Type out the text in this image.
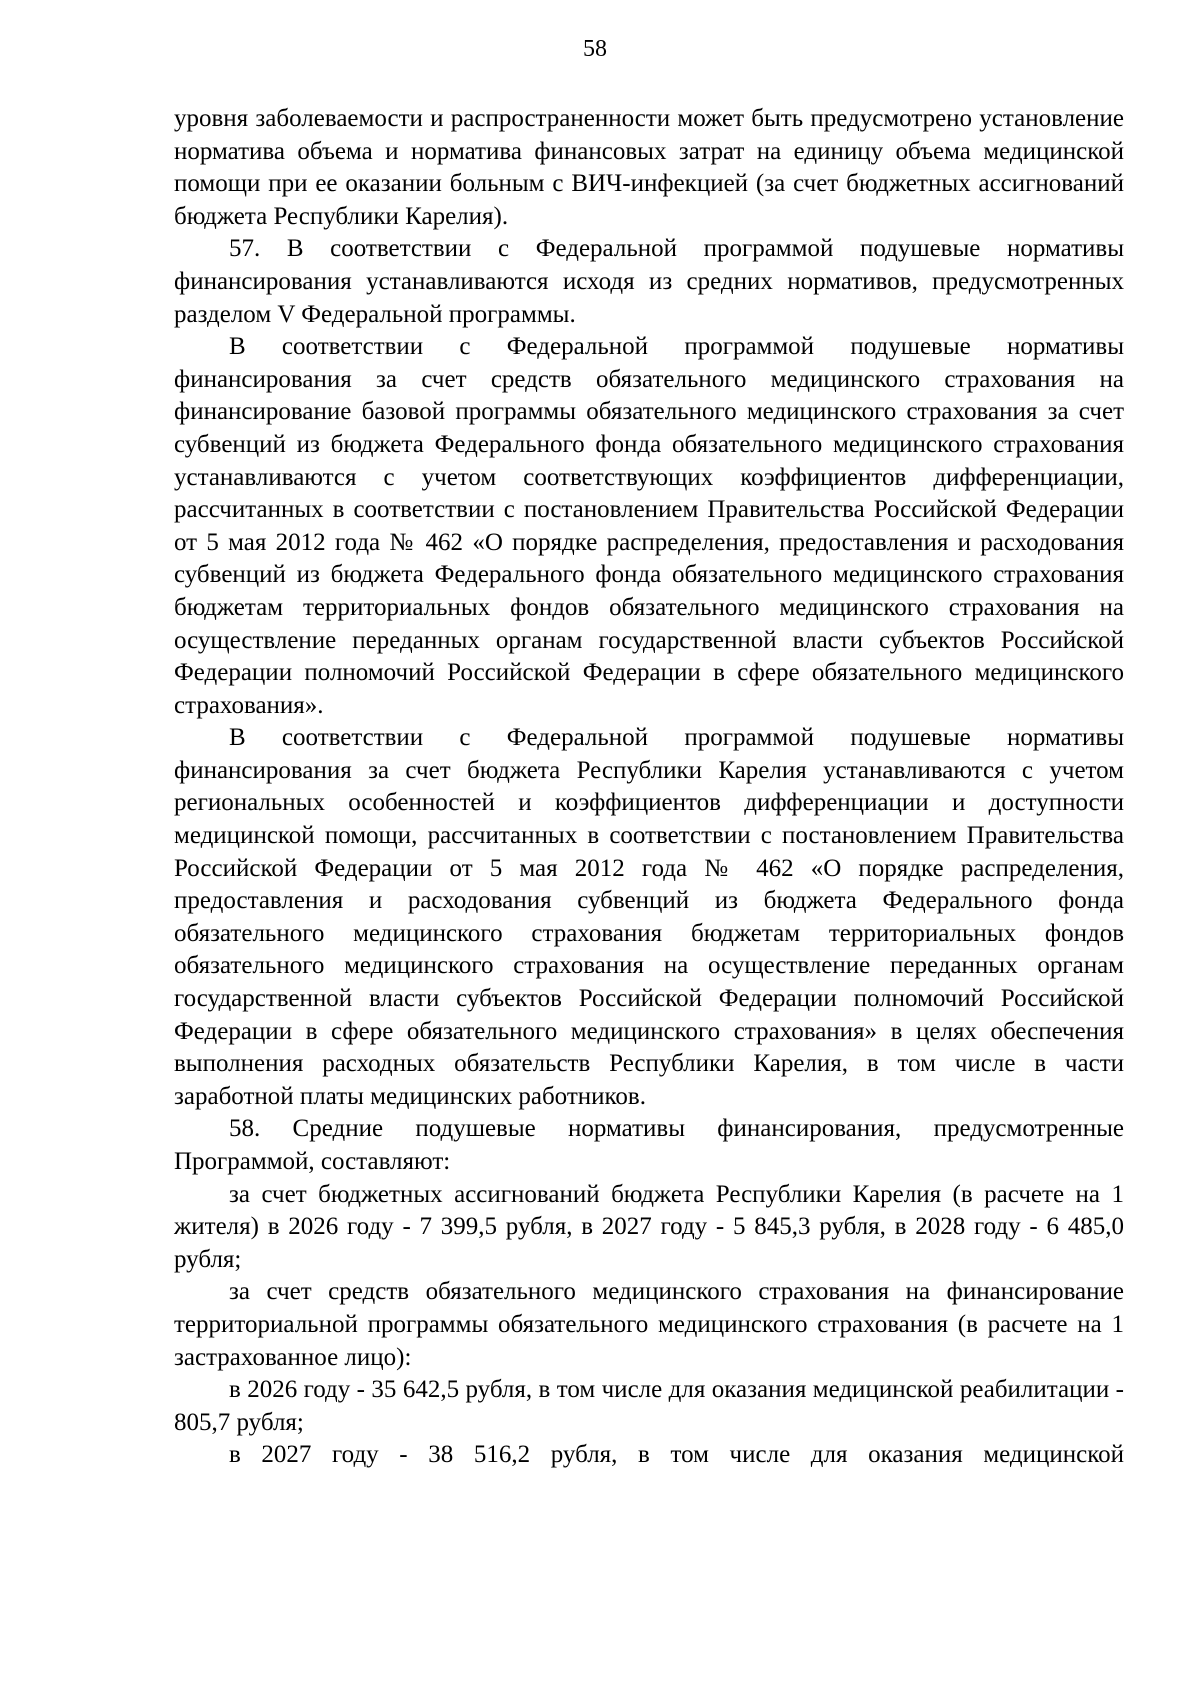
58

уровня заболеваемости и распространенности может быть предусмотрено установление норматива объема и норматива финансовых затрат на единицу объема медицинской помощи при ее оказании больным с ВИЧ-инфекцией (за счет бюджетных ассигнований бюджета Республики Карелия).

57. В соответствии с Федеральной программой подушевые нормативы финансирования устанавливаются исходя из средних нормативов, предусмотренных разделом V Федеральной программы.

В соответствии с Федеральной программой подушевые нормативы финансирования за счет средств обязательного медицинского страхования на финансирование базовой программы обязательного медицинского страхования за счет субвенций из бюджета Федерального фонда обязательного медицинского страхования устанавливаются с учетом соответствующих коэффициентов дифференциации, рассчитанных в соответствии с постановлением Правительства Российской Федерации от 5 мая 2012 года № 462 «О порядке распределения, предоставления и расходования субвенций из бюджета Федерального фонда обязательного медицинского страхования бюджетам территориальных фондов обязательного медицинского страхования на осуществление переданных органам государственной власти субъектов Российской Федерации полномочий Российской Федерации в сфере обязательного медицинского страхования».

В соответствии с Федеральной программой подушевые нормативы финансирования за счет бюджета Республики Карелия устанавливаются с учетом региональных особенностей и коэффициентов дифференциации и доступности медицинской помощи, рассчитанных в соответствии с постановлением Правительства Российской Федерации от 5 мая 2012 года № 462 «О порядке распределения, предоставления и расходования субвенций из бюджета Федерального фонда обязательного медицинского страхования бюджетам территориальных фондов обязательного медицинского страхования на осуществление переданных органам государственной власти субъектов Российской Федерации полномочий Российской Федерации в сфере обязательного медицинского страхования» в целях обеспечения выполнения расходных обязательств Республики Карелия, в том числе в части заработной платы медицинских работников.

58. Средние подушевые нормативы финансирования, предусмотренные Программой, составляют:

за счет бюджетных ассигнований бюджета Республики Карелия (в расчете на 1 жителя) в 2026 году - 7 399,5 рубля, в 2027 году - 5 845,3 рубля, в 2028 году - 6 485,0 рубля;

за счет средств обязательного медицинского страхования на финансирование территориальной программы обязательного медицинского страхования (в расчете на 1 застрахованное лицо):

в 2026 году - 35 642,5 рубля, в том числе для оказания медицинской реабилитации - 805,7 рубля;

в 2027 году - 38 516,2 рубля, в том числе для оказания медицинской
